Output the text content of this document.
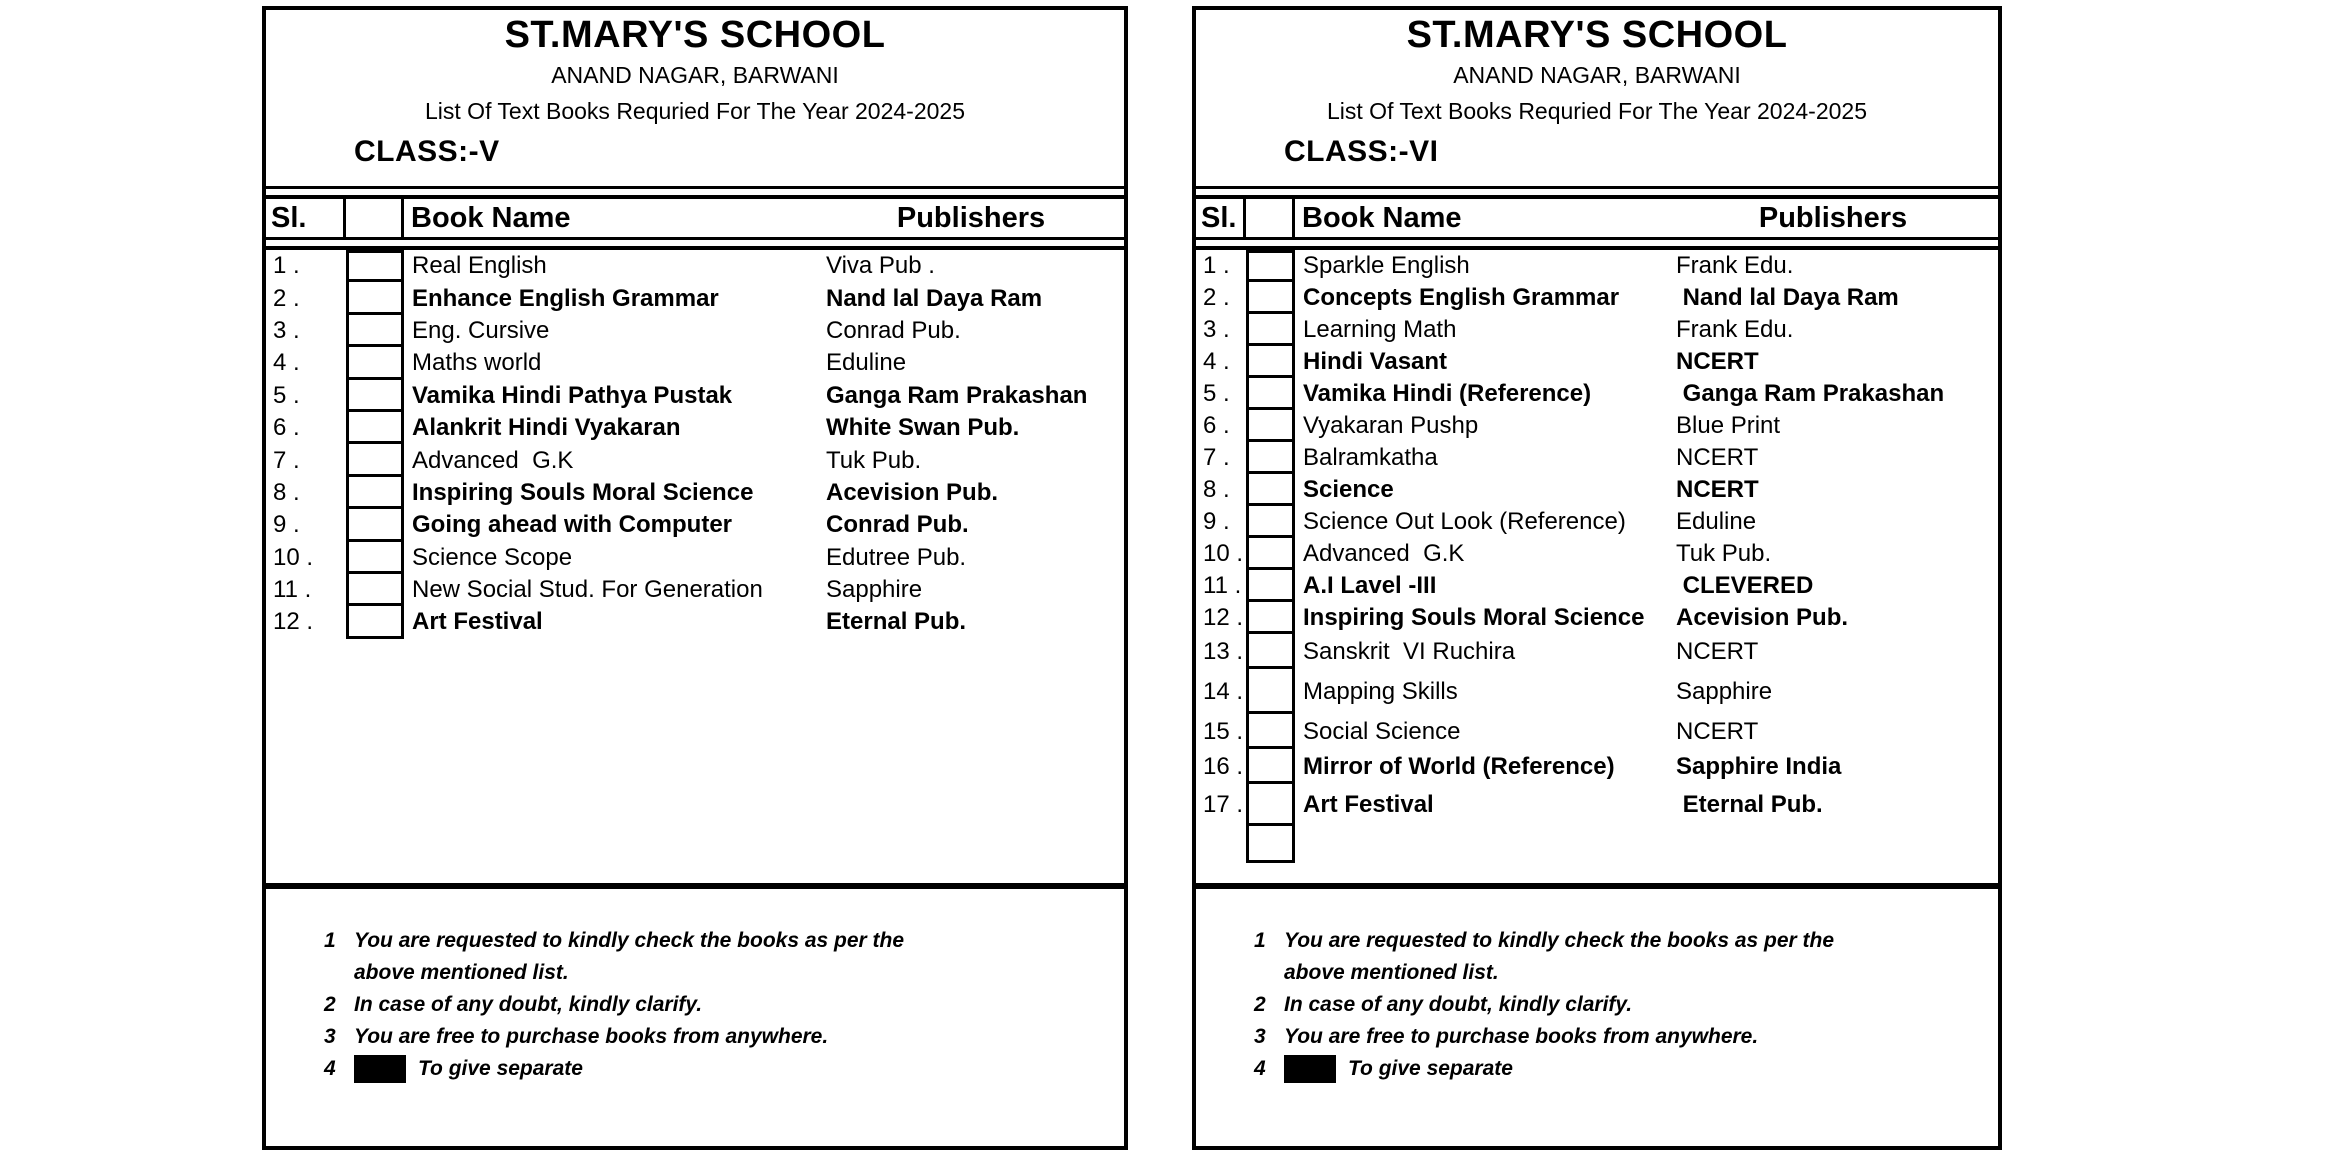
ST.MARY'S SCHOOL
ANAND NAGAR, BARWANI
List Of Text Books Requried For The Year 2024-2025
CLASS:-V
Sl.	Book Name	Publishers
1 .	Real English	Viva Pub .
2 .	Enhance English Grammar	Nand lal Daya Ram
3 .	Eng. Cursive	Conrad Pub.
4 .	Maths world	Eduline
5 .	Vamika Hindi Pathya Pustak	Ganga Ram Prakashan
6 .	Alankrit Hindi Vyakaran	White Swan Pub.
7 .	Advanced  G.K	Tuk Pub.
8 .	Inspiring Souls Moral Science	Acevision Pub.
9 .	Going ahead with Computer	Conrad Pub.
10 .	Science Scope	Edutree Pub.
11 .	New Social Stud. For Generation	Sapphire
12 .	Art Festival	Eternal Pub.
1 You are requested to kindly check the books as per the
above mentioned list.
2 In case of any doubt, kindly clarify.
3 You are free to purchase books from anywhere.
4	To give separate
ST.MARY'S SCHOOL
ANAND NAGAR, BARWANI
List Of Text Books Requried For The Year 2024-2025
CLASS:-VI
Sl.	Book Name	Publishers
1 .	Sparkle English	Frank Edu.
2 .	Concepts English Grammar	Nand lal Daya Ram
3 .	Learning Math	Frank Edu.
4 .	Hindi Vasant	NCERT
5 .	Vamika Hindi (Reference)	Ganga Ram Prakashan
6 .	Vyakaran Pushp	Blue Print
7 .	Balramkatha	NCERT
8 .	Science	NCERT
9 .	Science Out Look (Reference)	Eduline
10 .	Advanced  G.K	Tuk Pub.
11 .	A.I Lavel -III	CLEVERED
12 .	Inspiring Souls Moral Science	Acevision Pub.
13 .	Sanskrit  VI Ruchira	NCERT
14 .	Mapping Skills	Sapphire
15 .	Social Science	NCERT
16 .	Mirror of World (Reference)	Sapphire India
17 .	Art Festival	Eternal Pub.
1 You are requested to kindly check the books as per the
above mentioned list.
2 In case of any doubt, kindly clarify.
3 You are free to purchase books from anywhere.
4	To give separate
